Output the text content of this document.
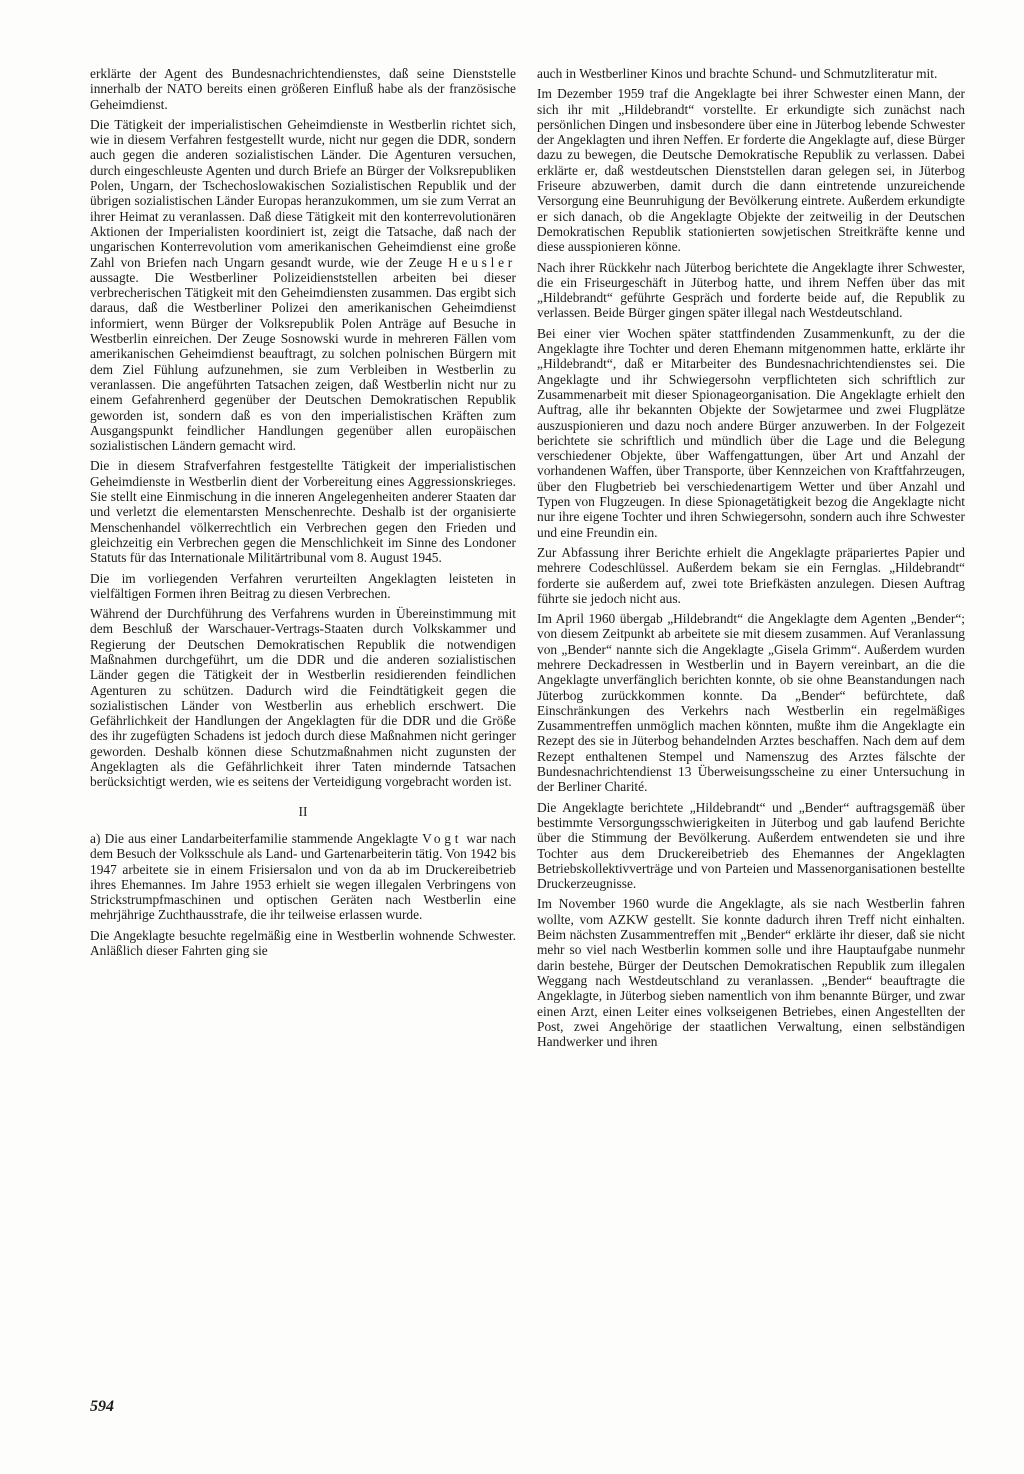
erklärte der Agent des Bundesnachrichtendienstes, daß seine Dienststelle innerhalb der NATO bereits einen größeren Einfluß habe als der französische Geheimdienst.

Die Tätigkeit der imperialistischen Geheimdienste in Westberlin richtet sich, wie in diesem Verfahren festgestellt wurde, nicht nur gegen die DDR, sondern auch gegen die anderen sozialistischen Länder. Die Agenturen versuchen, durch eingeschleuste Agenten und durch Briefe an Bürger der Volksrepubliken Polen, Ungarn, der Tschechoslowakischen Sozialistischen Republik und der übrigen sozialistischen Länder Europas heranzukommen, um sie zum Verrat an ihrer Heimat zu veranlassen. Daß diese Tätigkeit mit den konterrevolutionären Aktionen der Imperialisten koordiniert ist, zeigt die Tatsache, daß nach der ungarischen Konterrevolution vom amerikanischen Geheimdienst eine große Zahl von Briefen nach Ungarn gesandt wurde, wie der Zeuge Heusler aussagte. Die Westberliner Polizeidienststellen arbeiten bei dieser verbrecherischen Tätigkeit mit den Geheimdiensten zusammen. Das ergibt sich daraus, daß die Westberliner Polizei den amerikanischen Geheimdienst informiert, wenn Bürger der Volksrepublik Polen Anträge auf Besuche in Westberlin einreichen. Der Zeuge Sosnowski wurde in mehreren Fällen vom amerikanischen Geheimdienst beauftragt, zu solchen polnischen Bürgern mit dem Ziel Fühlung aufzunehmen, sie zum Verbleiben in Westberlin zu veranlassen. Die angeführten Tatsachen zeigen, daß Westberlin nicht nur zu einem Gefahrenherd gegenüber der Deutschen Demokratischen Republik geworden ist, sondern daß es von den imperialistischen Kräften zum Ausgangspunkt feindlicher Handlungen gegenüber allen europäischen sozialistischen Ländern gemacht wird.

Die in diesem Strafverfahren festgestellte Tätigkeit der imperialistischen Geheimdienste in Westberlin dient der Vorbereitung eines Aggressionskrieges. Sie stellt eine Einmischung in die inneren Angelegenheiten anderer Staaten dar und verletzt die elementarsten Menschenrechte. Deshalb ist der organisierte Menschenhandel völkerrechtlich ein Verbrechen gegen den Frieden und gleichzeitig ein Verbrechen gegen die Menschlichkeit im Sinne des Londoner Statuts für das Internationale Militärtribunal vom 8. August 1945.

Die im vorliegenden Verfahren verurteilten Angeklagten leisteten in vielfältigen Formen ihren Beitrag zu diesen Verbrechen.

Während der Durchführung des Verfahrens wurden in Übereinstimmung mit dem Beschluß der Warschauer-Vertrags-Staaten durch Volkskammer und Regierung der Deutschen Demokratischen Republik die notwendigen Maßnahmen durchgeführt, um die DDR und die anderen sozialistischen Länder gegen die Tätigkeit der in Westberlin residierenden feindlichen Agenturen zu schützen. Dadurch wird die Feindtätigkeit gegen die sozialistischen Länder von Westberlin aus erheblich erschwert. Die Gefährlichkeit der Handlungen der Angeklagten für die DDR und die Größe des ihr zugefügten Schadens ist jedoch durch diese Maßnahmen nicht geringer geworden. Deshalb können diese Schutzmaßnahmen nicht zugunsten der Angeklagten als die Gefährlichkeit ihrer Taten mindernde Tatsachen berücksichtigt werden, wie es seitens der Verteidigung vorgebracht worden ist.

II

a) Die aus einer Landarbeiterfamilie stammende Angeklagte Vogt war nach dem Besuch der Volksschule als Land- und Gartenarbeiterin tätig. Von 1942 bis 1947 arbeitete sie in einem Frisiersalon und von da ab im Druckereibetrieb ihres Ehemannes. Im Jahre 1953 erhielt sie wegen illegalen Verbringens von Strickstrumpfmaschinen und optischen Geräten nach Westberlin eine mehrjährige Zuchthausstrafe, die ihr teilweise erlassen wurde.

Die Angeklagte besuchte regelmäßig eine in Westberlin wohnende Schwester. Anläßlich dieser Fahrten ging sie

auch in Westberliner Kinos und brachte Schund- und Schmutzliteratur mit.

Im Dezember 1959 traf die Angeklagte bei ihrer Schwester einen Mann, der sich ihr mit „Hildebrandt“ vorstellte. Er erkundigte sich zunächst nach persönlichen Dingen und insbesondere über eine in Jüterbog lebende Schwester der Angeklagten und ihren Neffen. Er forderte die Angeklagte auf, diese Bürger dazu zu bewegen, die Deutsche Demokratische Republik zu verlassen. Dabei erklärte er, daß westdeutschen Dienststellen daran gelegen sei, in Jüterbog Friseure abzuwerben, damit durch die dann eintretende unzureichende Versorgung eine Beunruhigung der Bevölkerung eintrete. Außerdem erkundigte er sich danach, ob die Angeklagte Objekte der zeitweilig in der Deutschen Demokratischen Republik stationierten sowjetischen Streitkräfte kenne und diese ausspionieren könne.

Nach ihrer Rückkehr nach Jüterbog berichtete die Angeklagte ihrer Schwester, die ein Friseurgeschäft in Jüterbog hatte, und ihrem Neffen über das mit „Hildebrandt“ geführte Gespräch und forderte beide auf, die Republik zu verlassen. Beide Bürger gingen später illegal nach Westdeutschland.

Bei einer vier Wochen später stattfindenden Zusammenkunft, zu der die Angeklagte ihre Tochter und deren Ehemann mitgenommen hatte, erklärte ihr „Hildebrandt“, daß er Mitarbeiter des Bundesnachrichtendienstes sei. Die Angeklagte und ihr Schwiegersohn verpflichteten sich schriftlich zur Zusammenarbeit mit dieser Spionageorganisation. Die Angeklagte erhielt den Auftrag, alle ihr bekannten Objekte der Sowjetarmee und zwei Flugplätze auszuspionieren und dazu noch andere Bürger anzuwerben. In der Folgezeit berichtete sie schriftlich und mündlich über die Lage und die Belegung verschiedener Objekte, über Waffengattungen, über Art und Anzahl der vorhandenen Waffen, über Transporte, über Kennzeichen von Kraftfahrzeugen, über den Flugbetrieb bei verschiedenartigem Wetter und über Anzahl und Typen von Flugzeugen. In diese Spionagetätigkeit bezog die Angeklagte nicht nur ihre eigene Tochter und ihren Schwiegersohn, sondern auch ihre Schwester und eine Freundin ein.

Zur Abfassung ihrer Berichte erhielt die Angeklagte präpariertes Papier und mehrere Codeschlüssel. Außerdem bekam sie ein Fernglas. „Hildebrandt“ forderte sie außerdem auf, zwei tote Briefkästen anzulegen. Diesen Auftrag führte sie jedoch nicht aus.

Im April 1960 übergab „Hildebrandt“ die Angeklagte dem Agenten „Bender“; von diesem Zeitpunkt ab arbeitete sie mit diesem zusammen. Auf Veranlassung von „Bender“ nannte sich die Angeklagte „Gisela Grimm“. Außerdem wurden mehrere Deckadressen in Westberlin und in Bayern vereinbart, an die die Angeklagte unverfänglich berichten konnte, ob sie ohne Beanstandungen nach Jüterbog zurückkommen konnte. Da „Bender“ befürchtete, daß Einschränkungen des Verkehrs nach Westberlin ein regelmäßiges Zusammentreffen unmöglich machen könnten, mußte ihm die Angeklagte ein Rezept des sie in Jüterbog behandelnden Arztes beschaffen. Nach dem auf dem Rezept enthaltenen Stempel und Namenszug des Arztes fälschte der Bundesnachrichtendienst 13 Überweisungsscheine zu einer Untersuchung in der Berliner Charité.

Die Angeklagte berichtete „Hildebrandt“ und „Bender“ auftragsgemäß über bestimmte Versorgungsschwierigkeiten in Jüterbog und gab laufend Berichte über die Stimmung der Bevölkerung. Außerdem entwendeten sie und ihre Tochter aus dem Druckereibetrieb des Ehemannes der Angeklagten Betriebskollektivverträge und von Parteien und Massenorganisationen bestellte Druckerzeugnisse.

Im November 1960 wurde die Angeklagte, als sie nach Westberlin fahren wollte, vom AZKW gestellt. Sie konnte dadurch ihren Treff nicht einhalten. Beim nächsten Zusammentreffen mit „Bender“ erklärte ihr dieser, daß sie nicht mehr so viel nach Westberlin kommen solle und ihre Hauptaufgabe nunmehr darin bestehe, Bürger der Deutschen Demokratischen Republik zum illegalen Weggang nach Westdeutschland zu veranlassen. „Bender“ beauftragte die Angeklagte, in Jüterbog sieben namentlich von ihm benannte Bürger, und zwar einen Arzt, einen Leiter eines volkseigenen Betriebes, einen Angestellten der Post, zwei Angehörige der staatlichen Verwaltung, einen selbständigen Handwerker und ihren

594
